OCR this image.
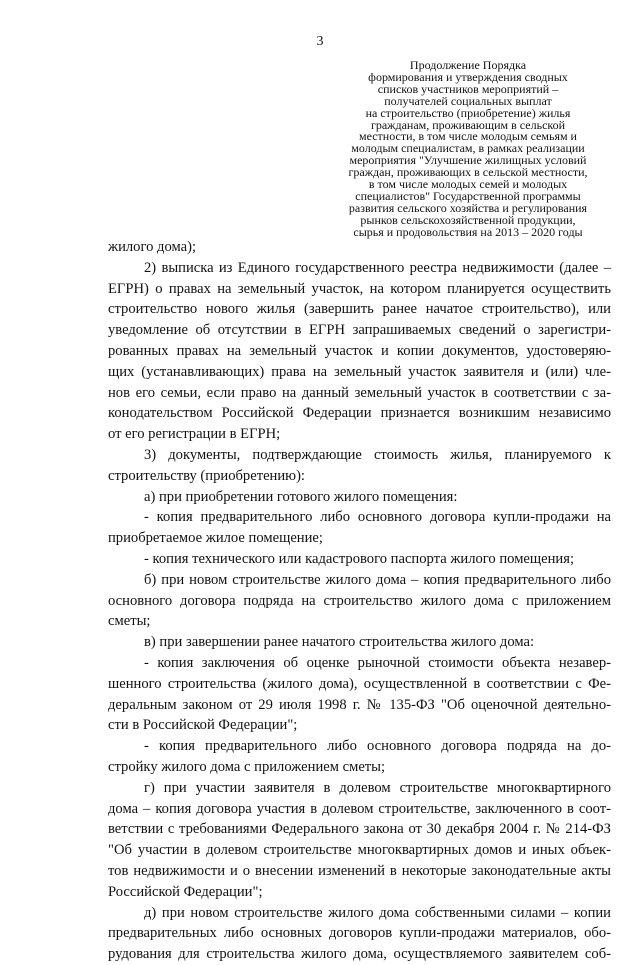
3
Продолжение Порядка
формирования и утверждения сводных
списков участников мероприятий –
получателей социальных выплат
на строительство (приобретение) жилья
гражданам, проживающим в сельской
местности, в том числе молодым семьям и
молодым специалистам, в рамках реализации
мероприятия "Улучшение жилищных условий
граждан, проживающих в сельской местности,
в том числе молодых семей и молодых
специалистов" Государственной программы
развития сельского хозяйства и регулирования
рынков сельскохозяйственной продукции,
сырья и продовольствия на 2013 – 2020 годы
жилого дома);
2) выписка из Единого государственного реестра недвижимости (далее –
ЕГРН) о правах на земельный участок, на котором планируется осуществить
строительство нового жилья (завершить ранее начатое строительство), или
уведомление об отсутствии в ЕГРН запрашиваемых сведений о зарегистри-
рованных правах на земельный участок и копии документов, удостоверяю-
щих (устанавливающих) права на земельный участок заявителя и (или) чле-
нов его семьи, если право на данный земельный участок в соответствии с за-
конодательством Российской Федерации признается возникшим независимо
от его регистрации в ЕГРН;
3) документы, подтверждающие стоимость жилья, планируемого к
строительству (приобретению):
а) при приобретении готового жилого помещения:
- копия предварительного либо основного договора купли-продажи на
приобретаемое жилое помещение;
- копия технического или кадастрового паспорта жилого помещения;
б) при новом строительстве жилого дома – копия предварительного либо
основного договора подряда на строительство жилого дома с приложением
сметы;
в) при завершении ранее начатого строительства жилого дома:
- копия заключения об оценке рыночной стоимости объекта незавер-
шенного строительства (жилого дома), осуществленной в соответствии с Фе-
деральным законом от 29 июля 1998 г. № 135-ФЗ "Об оценочной деятельно-
сти в Российской Федерации";
- копия предварительного либо основного договора подряда на до-
стройку жилого дома с приложением сметы;
г) при участии заявителя в долевом строительстве многоквартирного
дома – копия договора участия в долевом строительстве, заключенного в соот-
ветствии с требованиями Федерального закона от 30 декабря 2004 г. № 214-ФЗ
"Об участии в долевом строительстве многоквартирных домов и иных объек-
тов недвижимости и о внесении изменений в некоторые законодательные акты
Российской Федерации";
д) при новом строительстве жилого дома собственными силами – копии
предварительных либо основных договоров купли-продажи материалов, обо-
рудования для строительства жилого дома, осуществляемого заявителем соб-
